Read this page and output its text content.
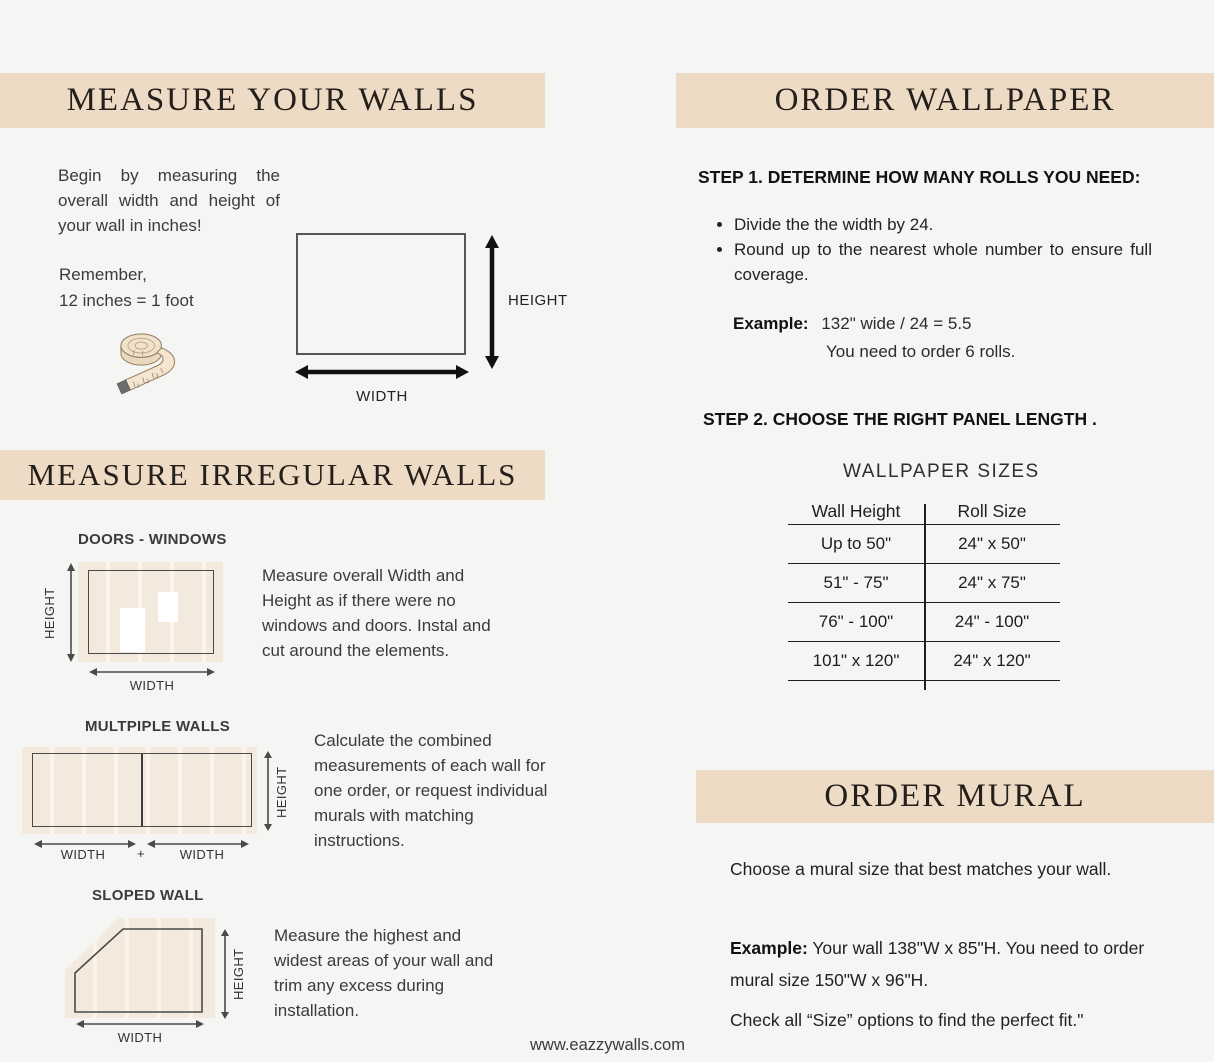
MEASURE YOUR WALLS
Begin by measuring the overall width and height of your wall in inches!
Remember,
12 inches = 1 foot
1
2
3
HEIGHT
WIDTH
MEASURE IRREGULAR WALLS
DOORS - WINDOWS
HEIGHT
WIDTH
Measure overall Width and Height as if there were no windows and doors. Instal and cut around the elements.
MULTPIPLE WALLS
HEIGHT
WIDTH	+	WIDTH
Calculate the combined measurements of each wall for one order, or request individual murals with matching instructions.
SLOPED WALL
HEIGHT
WIDTH
Measure the highest and widest areas of your wall and trim any excess during installation.
ORDER WALLPAPER
STEP 1. DETERMINE HOW MANY ROLLS YOU NEED:
• Divide the the width by 24.
• Round up to the nearest whole number to ensure full coverage.
Example: 132" wide / 24 = 5.5
You need to order 6 rolls.
STEP 2. CHOOSE THE RIGHT PANEL LENGTH .
WALLPAPER SIZES
Wall Height	Roll Size
Up to 50"	24" x 50"
51" - 75"	24" x 75"
76" - 100"	24" - 100"
101" x 120"	24" x 120"
ORDER MURAL
Choose a mural size that best matches your wall.
Example: Your wall 138"W x 85"H. You need to order mural size 150"W x 96"H.
Check all “Size” options to find the perfect fit."
www.eazzywalls.com
